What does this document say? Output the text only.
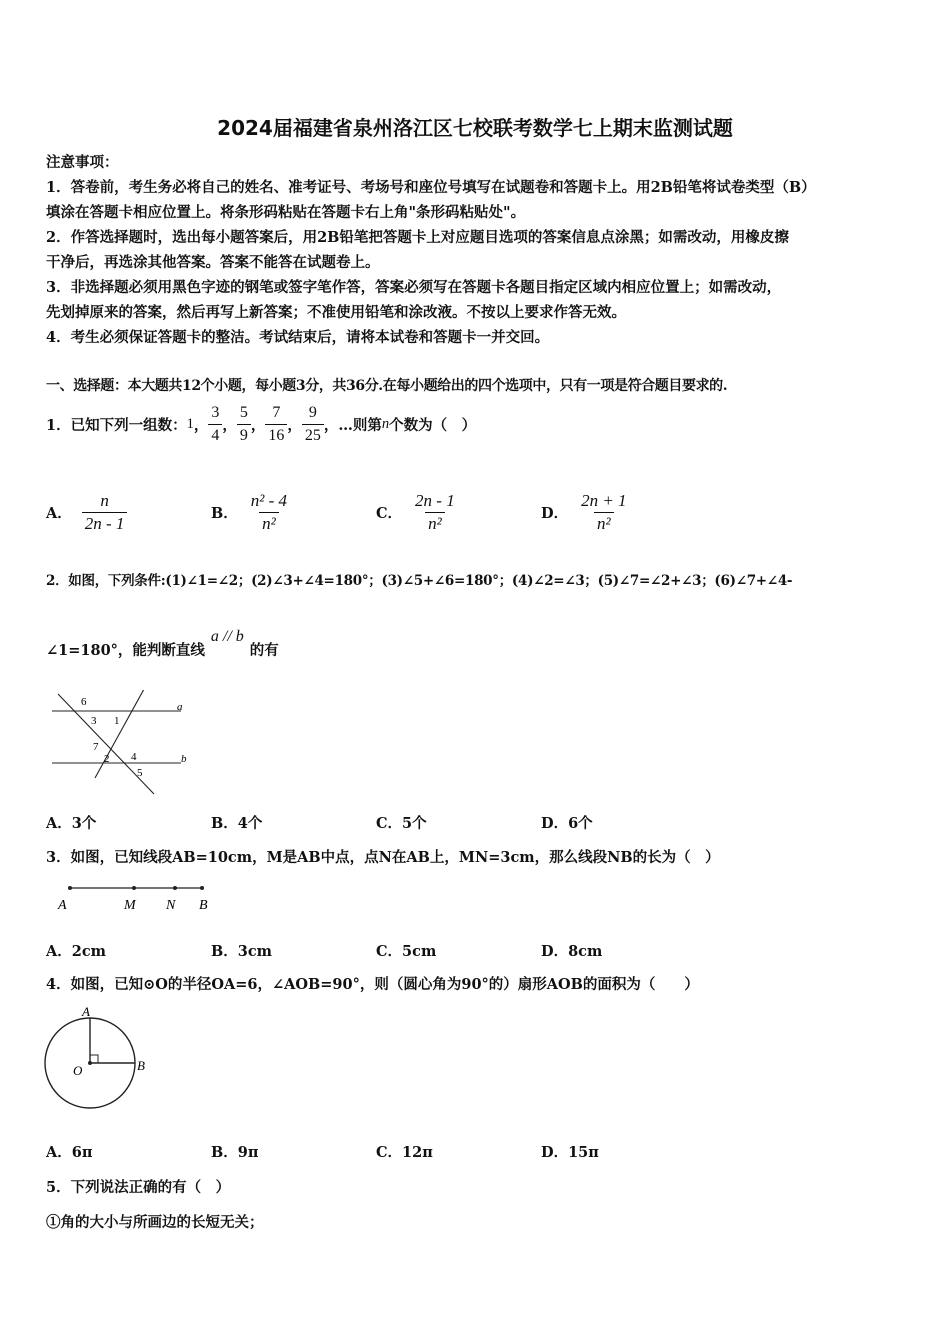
2024届福建省泉州洛江区七校联考数学七上期末监测试题
注意事项：
1．答卷前，考生务必将自己的姓名、准考证号、考场号和座位号填写在试题卷和答题卡上。用2B铅笔将试卷类型（B）
填涂在答题卡相应位置上。将条形码粘贴在答题卡右上角"条形码粘贴处"。
2．作答选择题时，选出每小题答案后，用2B铅笔把答题卡上对应题目选项的答案信息点涂黑；如需改动，用橡皮擦
干净后，再选涂其他答案。答案不能答在试题卷上。
3．非选择题必须用黑色字迹的钢笔或签字笔作答，答案必须写在答题卡各题目指定区域内相应位置上；如需改动，
先划掉原来的答案，然后再写上新答案；不准使用铅笔和涂改液。不按以上要求作答无效。
4．考生必须保证答题卡的整洁。考试结束后，请将本试卷和答题卡一并交回。
一、选择题：本大题共12个小题，每小题3分，共36分.在每小题给出的四个选项中，只有一项是符合题目要求的.
1．已知下列一组数： 1 ， $\frac{3}{4}$ ， $\frac{5}{9}$ ， $\frac{7}{16}$ ， $\frac{9}{25}$ ，…则第 n 个数为（　）
A． $\frac{n}{2n - 1}$	B． $\frac{\text{n² - 4}}{\text{n²}}$	C． $\frac{2n - 1}{\text{n²}}$	D． $\frac{2n + 1}{\text{n²}}$
2．如图，下列条件:(1)∠1=∠2；(2)∠3+∠4=180°；(3)∠5+∠6=180°；(4)∠2=∠3；(5)∠7=∠2+∠3；(6)∠7+∠4-
∠1=180°，能判断直线
a // b
的有
6
3 1
a
7
4
2
5
b
A．3个	B．4个	C．5个	D．6个
3．如图，已知线段AB=10cm，M是AB中点，点N在AB上，MN=3cm，那么线段NB的长为（　）
A	M N B
A．2cm	B．3cm	C．5cm	D．8cm
4．如图，已知⊙O的半径OA=6，∠AOB=90°，则（圆心角为90°的）扇形AOB的面积为（　　）
A
O	B
A．6π	B．9π	C．12π	D．15π
5．下列说法正确的有（　）
①角的大小与所画边的长短无关；
